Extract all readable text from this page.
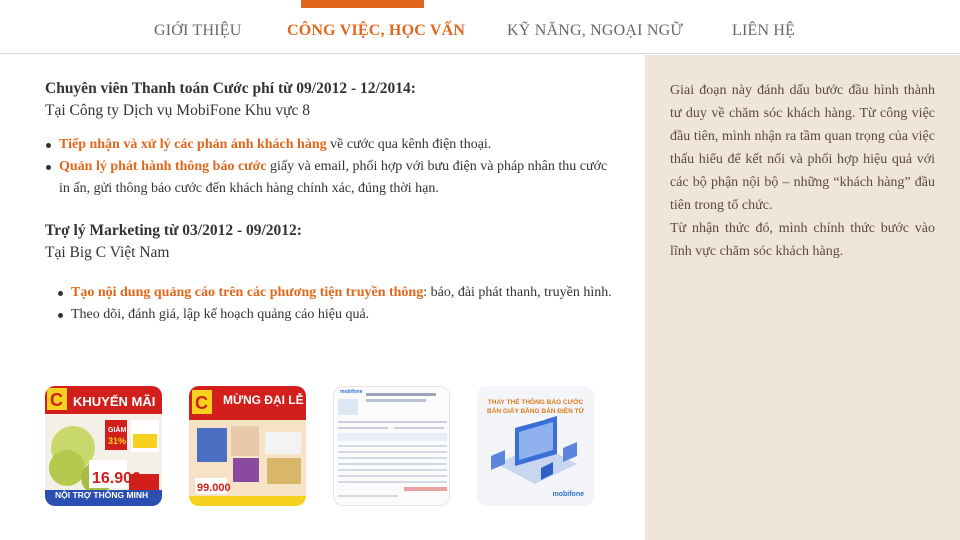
GIỚI THIỆU	CÔNG VIỆC, HỌC VẤN	KỸ NĂNG, NGOẠI NGỮ	LIÊN HỆ
Chuyên viên Thanh toán Cước phí từ 09/2012 - 12/2014:
Tại Công ty Dịch vụ MobiFone Khu vực 8
Tiếp nhận và xử lý các phản ánh khách hàng về cước qua kênh điện thoại.
Quản lý phát hành thông báo cước giấy và email, phối hợp với bưu điện và pháp nhân thu cước in ấn, gửi thông báo cước đến khách hàng chính xác, đúng thời hạn.
Trợ lý Marketing từ 03/2012 - 09/2012:
Tại Big C Việt Nam
Tạo nội dung quảng cáo trên các phương tiện truyền thông: báo, đài phát thanh, truyền hình.
Theo dõi, đánh giá, lập kế hoạch quảng cáo hiệu quả.
C
GIẢM
31%
16.900
KHUYẾN MÃI
NỘI TRỢ THÔNG MINH
C
99.000
MỪNG ĐẠI LỄ
mobifone
THAY THẾ THÔNG BÁO CƯỚC BẢN GIẤY BẰNG BẢN ĐIỆN TỬ
mobifone

Giai đoạn này đánh dấu bước đầu hình thành tư duy về chăm sóc khách hàng. Từ công việc đầu tiên, mình nhận ra tầm quan trọng của việc thấu hiểu để kết nối và phối hợp hiệu quả với các bộ phận nội bộ – những “khách hàng” đầu tiên trong tổ chức.

Từ nhận thức đó, mình chính thức bước vào lĩnh vực chăm sóc khách hàng.
